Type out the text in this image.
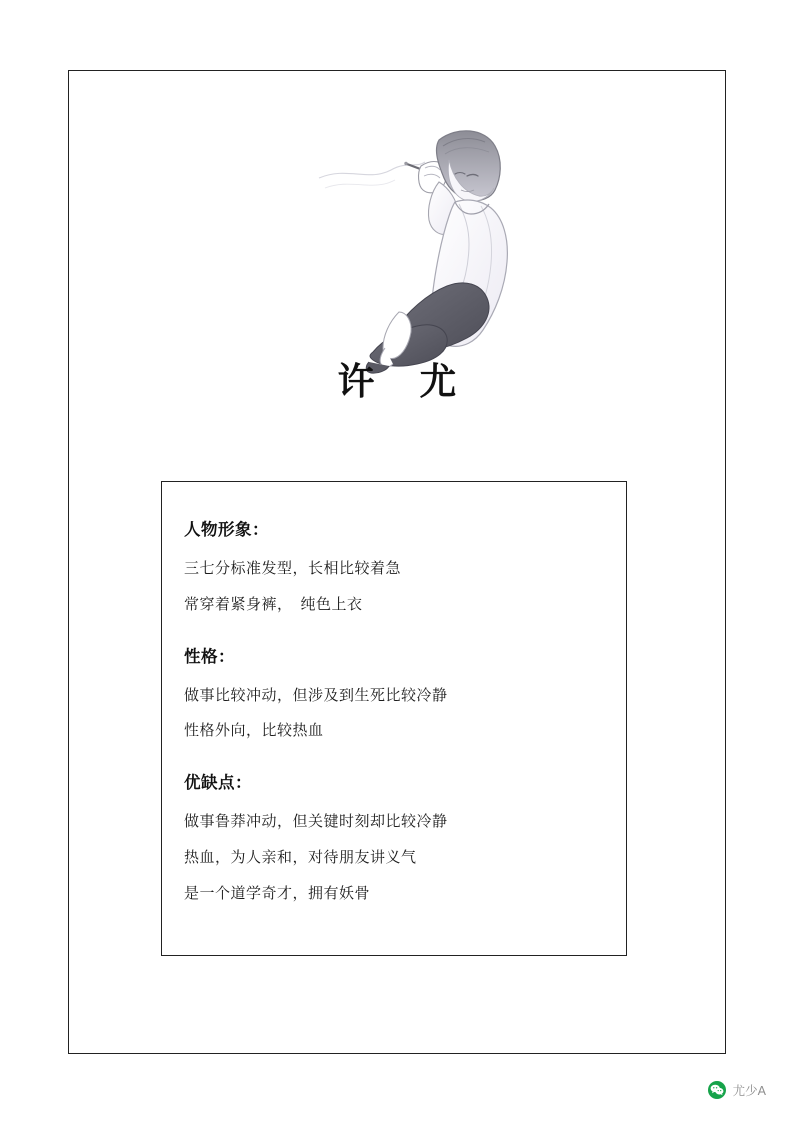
许 尤
人物形象：
三七分标准发型，长相比较着急
常穿着紧身裤，　纯色上衣
性格：
做事比较冲动，但涉及到生死比较冷静
性格外向，比较热血
优缺点：
做事鲁莽冲动，但关键时刻却比较冷静
热血，为人亲和，对待朋友讲义气
是一个道学奇才，拥有妖骨
尤少A
